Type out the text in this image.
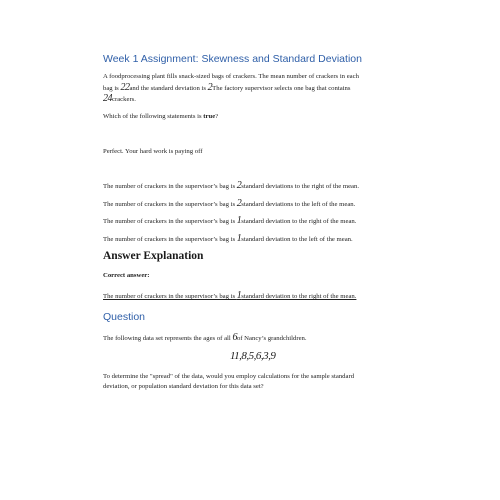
Week 1 Assignment: Skewness and Standard Deviation
A foodprocessing plant fills snack-sized bags of crackers. The mean number of crackers in each
bag is 22and the standard deviation is 2The factory supervisor selects one bag that contains
24crackers.
Which of the following statements is true?
Perfect. Your hard work is paying off
The number of crackers in the supervisor’s bag is 2standard deviations to the right of the mean.
The number of crackers in the supervisor’s bag is 2standard deviations to the left of the mean.
The number of crackers in the supervisor’s bag is 1standard deviation to the right of the mean.
The number of crackers in the supervisor’s bag is 1standard deviation to the left of the mean.
Answer Explanation
Correct answer:
The number of crackers in the supervisor’s bag is 1standard deviation to the right of the mean.
Question
The following data set represents the ages of all 6of Nancy’s grandchildren.
11,8,5,6,3,9
To determine the "spread" of the data, would you employ calculations for the sample standard
deviation, or population standard deviation for this data set?
